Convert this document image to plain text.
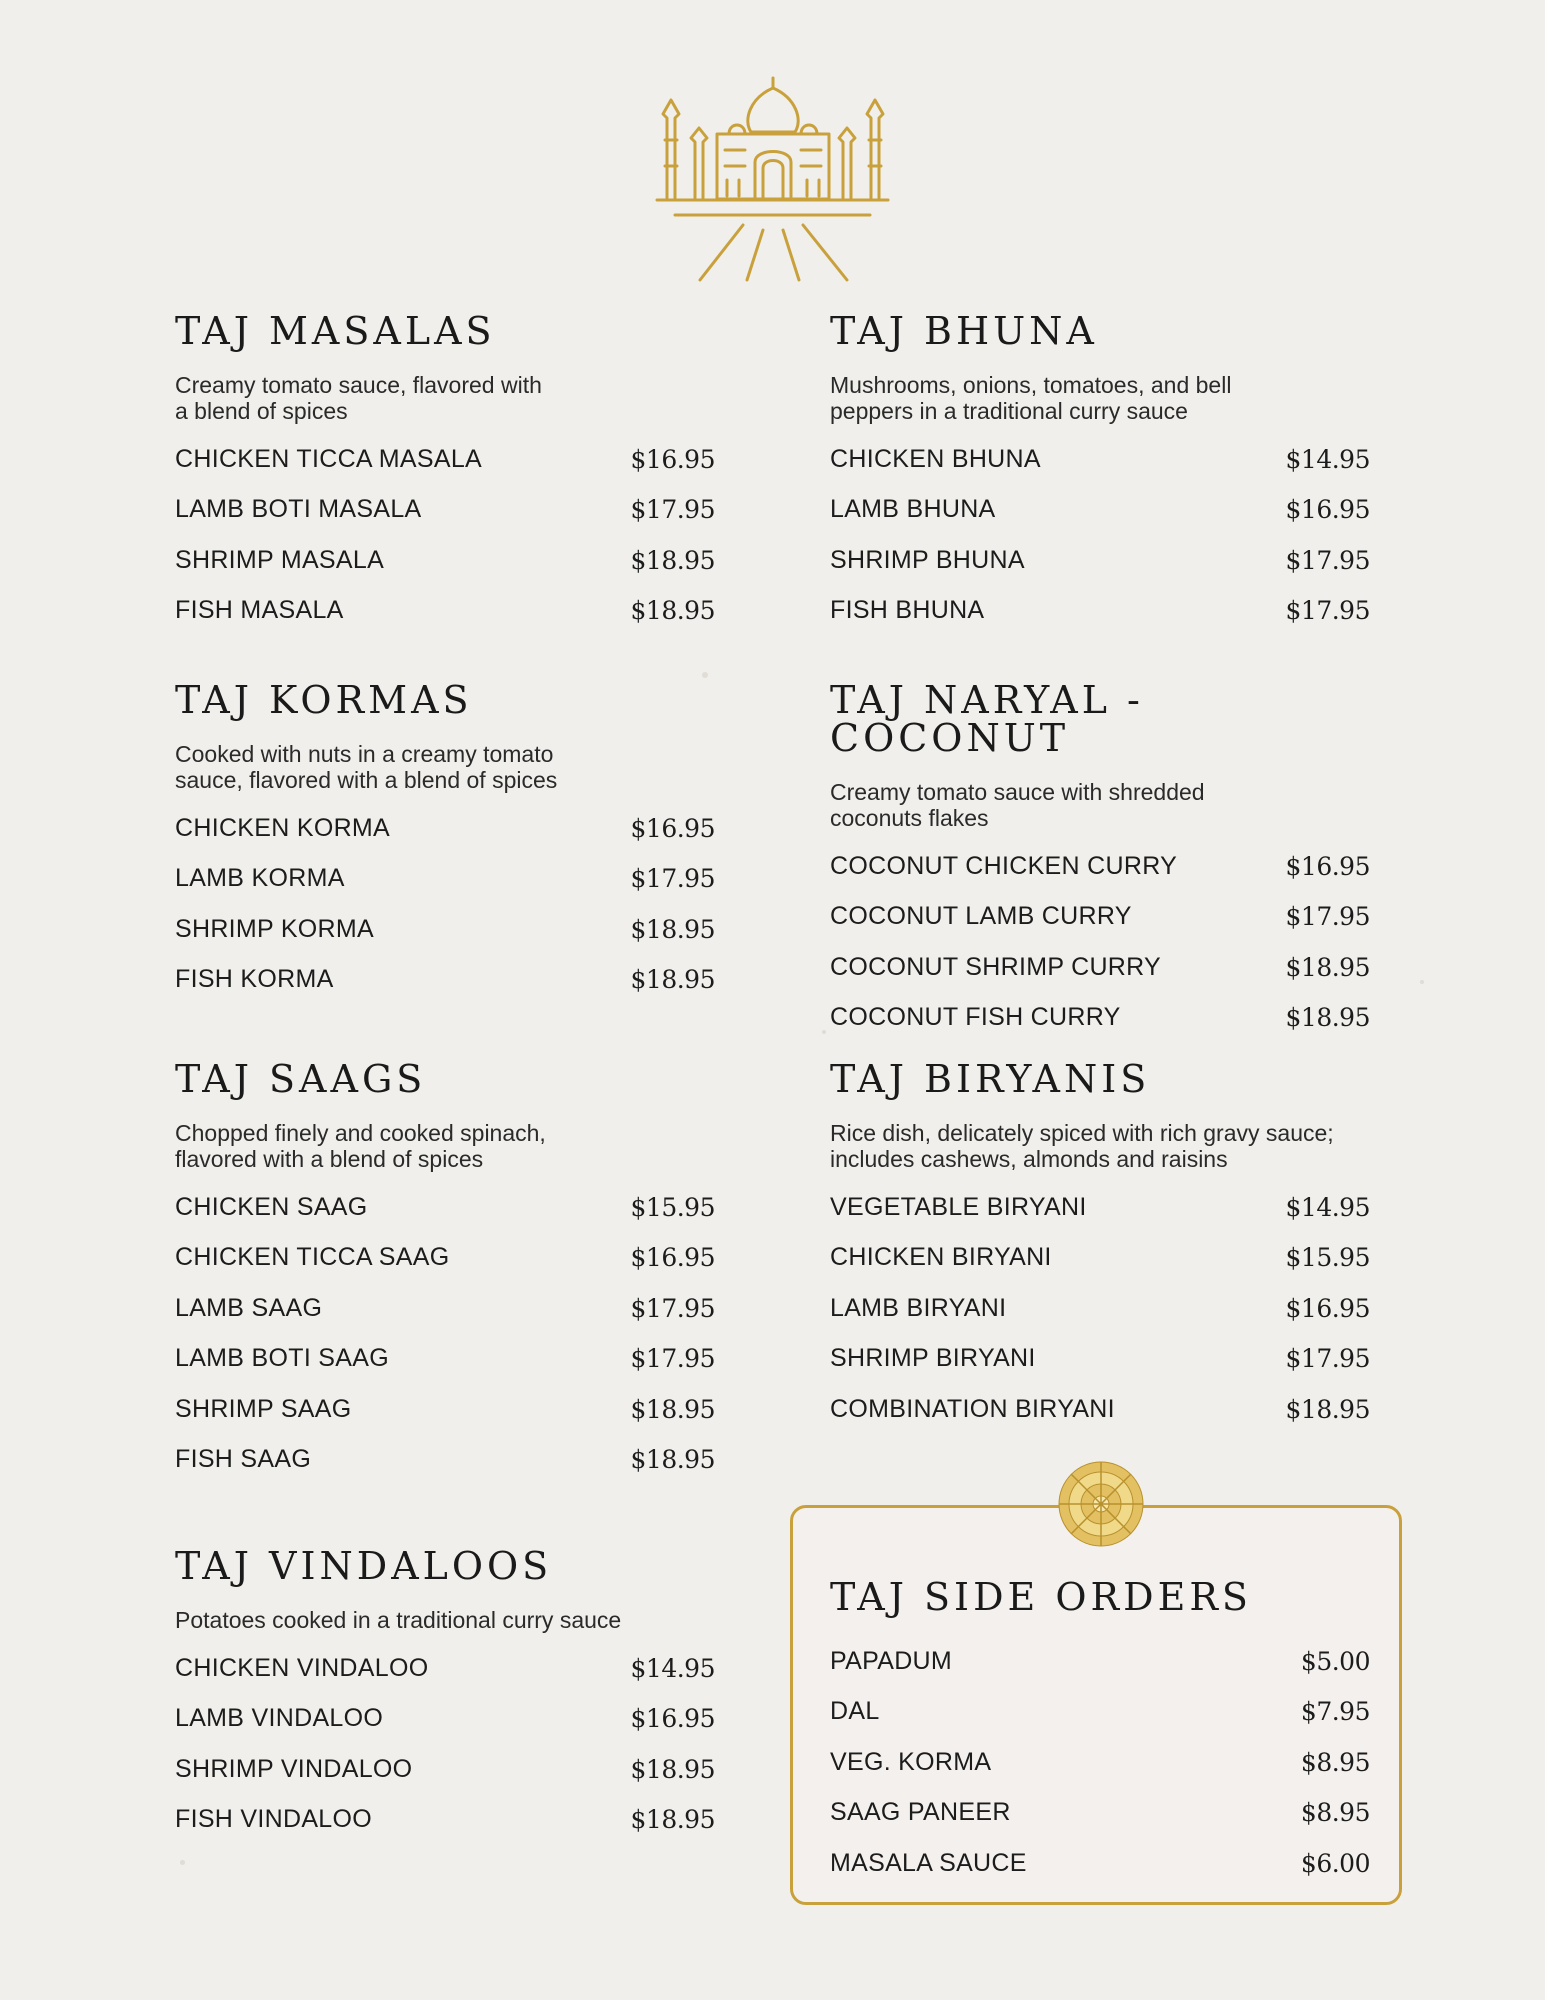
TAJ MASALAS
Creamy tomato sauce, flavored with
a blend of spices
CHICKEN TICCA MASALA	$16.95
LAMB BOTI MASALA	$17.95
SHRIMP MASALA	$18.95
FISH MASALA	$18.95
TAJ BHUNA
Mushrooms, onions, tomatoes, and bell
peppers in a traditional curry sauce
CHICKEN BHUNA	$14.95
LAMB BHUNA	$16.95
SHRIMP BHUNA	$17.95
FISH BHUNA	$17.95
TAJ KORMAS
Cooked with nuts in a creamy tomato
sauce, flavored with a blend of spices
CHICKEN KORMA	$16.95
LAMB KORMA	$17.95
SHRIMP KORMA	$18.95
FISH KORMA	$18.95
TAJ NARYAL - COCONUT
Creamy tomato sauce with shredded
coconuts flakes
COCONUT CHICKEN CURRY	$16.95
COCONUT LAMB CURRY	$17.95
COCONUT SHRIMP CURRY	$18.95
COCONUT FISH CURRY	$18.95
TAJ SAAGS
Chopped finely and cooked spinach,
flavored with a blend of spices
CHICKEN SAAG	$15.95
CHICKEN TICCA SAAG	$16.95
LAMB SAAG	$17.95
LAMB BOTI SAAG	$17.95
SHRIMP SAAG	$18.95
FISH SAAG	$18.95
TAJ BIRYANIS
Rice dish, delicately spiced with rich gravy sauce;
includes cashews, almonds and raisins
VEGETABLE BIRYANI	$14.95
CHICKEN BIRYANI	$15.95
LAMB BIRYANI	$16.95
SHRIMP BIRYANI	$17.95
COMBINATION BIRYANI	$18.95
TAJ VINDALOOS
Potatoes cooked in a traditional curry sauce
CHICKEN VINDALOO	$14.95
LAMB VINDALOO	$16.95
SHRIMP VINDALOO	$18.95
FISH VINDALOO	$18.95
TAJ SIDE ORDERS
PAPADUM	$5.00
DAL	$7.95
VEG. KORMA	$8.95
SAAG PANEER	$8.95
MASALA SAUCE	$6.00
